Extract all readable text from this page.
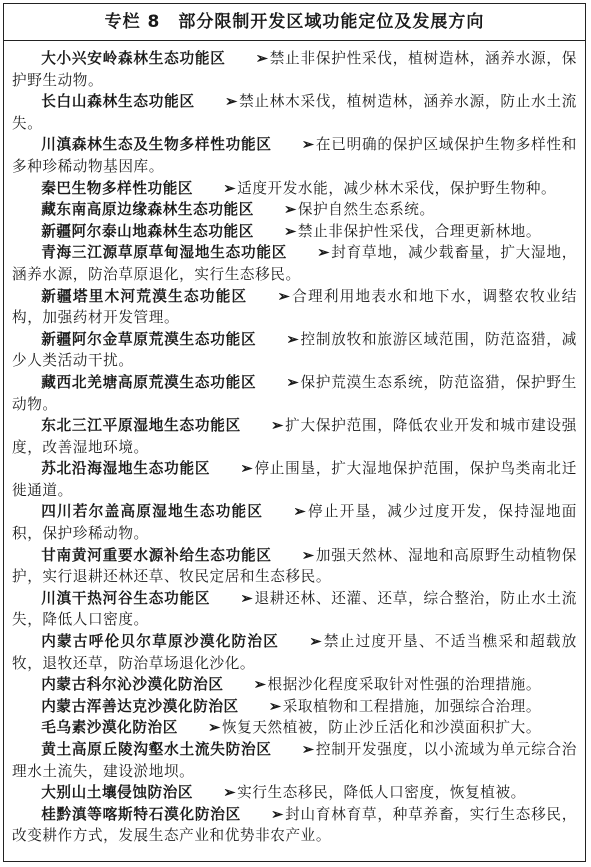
专栏 8 部分限制开发区域功能定位及发展方向

大小兴安岭森林生态功能区 ➢禁止非保护性采伐，植树造林，涵养水源，保护野生动物。

长白山森林生态功能区 ➢禁止林木采伐，植树造林，涵养水源，防止水土流失。

川滇森林生态及生物多样性功能区 ➢在已明确的保护区域保护生物多样性和多种珍稀动物基因库。

秦巴生物多样性功能区 ➢适度开发水能，减少林木采伐，保护野生物种。

藏东南高原边缘森林生态功能区 ➢保护自然生态系统。

新疆阿尔泰山地森林生态功能区 ➢禁止非保护性采伐，合理更新林地。

青海三江源草原草甸湿地生态功能区 ➢封育草地，减少载畜量，扩大湿地，涵养水源，防治草原退化，实行生态移民。

新疆塔里木河荒漠生态功能区 ➢合理利用地表水和地下水，调整农牧业结构，加强药材开发管理。

新疆阿尔金草原荒漠生态功能区 ➢控制放牧和旅游区域范围，防范盗猎，减少人类活动干扰。

藏西北羌塘高原荒漠生态功能区 ➢保护荒漠生态系统，防范盗猎，保护野生动物。

东北三江平原湿地生态功能区 ➢扩大保护范围，降低农业开发和城市建设强度，改善湿地环境。

苏北沿海湿地生态功能区 ➢停止围垦，扩大湿地保护范围，保护鸟类南北迁徙通道。

四川若尔盖高原湿地生态功能区 ➢停止开垦，减少过度开发，保持湿地面积，保护珍稀动物。

甘南黄河重要水源补给生态功能区 ➢加强天然林、湿地和高原野生动植物保护，实行退耕还林还草、牧民定居和生态移民。

川滇干热河谷生态功能区 ➢退耕还林、还灌、还草，综合整治，防止水土流失，降低人口密度。

内蒙古呼伦贝尔草原沙漠化防治区 ➢禁止过度开垦、不适当樵采和超载放牧，退牧还草，防治草场退化沙化。

内蒙古科尔沁沙漠化防治区 ➢根据沙化程度采取针对性强的治理措施。

内蒙古浑善达克沙漠化防治区 ➢采取植物和工程措施，加强综合治理。

毛乌素沙漠化防治区 ➢恢复天然植被，防止沙丘活化和沙漠面积扩大。

黄土高原丘陵沟壑水土流失防治区 ➢控制开发强度，以小流域为单元综合治理水土流失，建设淤地坝。

大别山土壤侵蚀防治区 ➢实行生态移民，降低人口密度，恢复植被。

桂黔滇等喀斯特石漠化防治区 ➢封山育林育草，种草养畜，实行生态移民，改变耕作方式，发展生态产业和优势非农产业。
